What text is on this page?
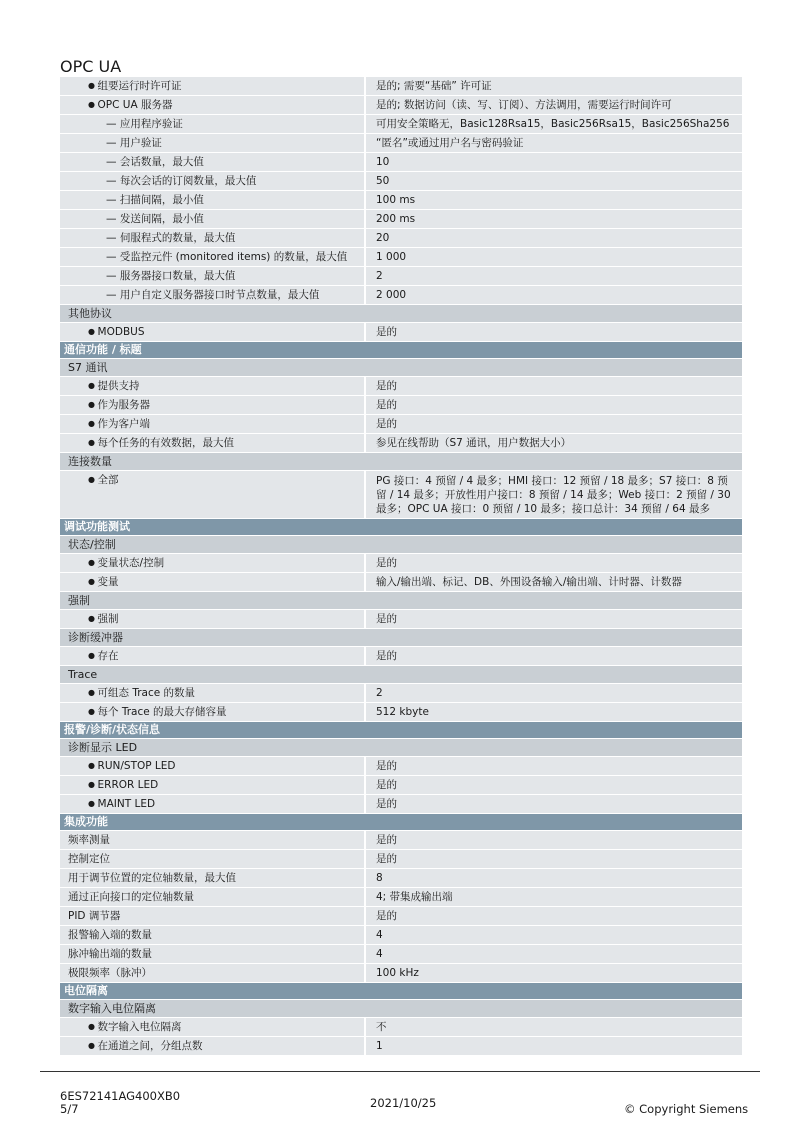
OPC UA
● 组要运行时许可证	是的; 需要“基础” 许可证
● OPC UA 服务器	是的; 数据访问（读、写、订阅）、方法调用，需要运行时间许可
— 应用程序验证	可用安全策略无，Basic128Rsa15，Basic256Rsa15，Basic256Sha256
— 用户验证	“匿名”或通过用户名与密码验证
— 会话数量，最大值	10
— 每次会话的订阅数量，最大值	50
— 扫描间隔，最小值	100 ms
— 发送间隔，最小值	200 ms
— 伺服程式的数量，最大值	20
— 受监控元件 (monitored items) 的数量，最大值	1 000
— 服务器接口数量，最大值	2
— 用户自定义服务器接口时节点数量，最大值	2 000
其他协议
● MODBUS	是的
通信功能 / 标题
S7 通讯
● 提供支持	是的
● 作为服务器	是的
● 作为客户端	是的
● 每个任务的有效数据，最大值	参见在线帮助（S7 通讯，用户数据大小）
连接数量
● 全部	PG 接口：4 预留 / 4 最多；HMI 接口：12 预留 / 18 最多；S7 接口：8 预留 / 14 最多；开放性用户接口：8 预留 / 14 最多；Web 接口：2 预留 / 30 最多；OPC UA 接口：0 预留 / 10 最多；接口总计：34 预留 / 64 最多
调试功能测试
状态/控制
● 变量状态/控制	是的
● 变量	输入/输出端、标记、DB、外围设备输入/输出端、计时器、计数器
强制
● 强制	是的
诊断缓冲器
● 存在	是的
Trace
● 可组态 Trace 的数量	2
● 每个 Trace 的最大存储容量	512 kbyte
报警/诊断/状态信息
诊断显示 LED
● RUN/STOP LED	是的
● ERROR LED	是的
● MAINT LED	是的
集成功能
频率测量	是的
控制定位	是的
用于调节位置的定位轴数量，最大值	8
通过正向接口的定位轴数量	4; 带集成输出端
PID 调节器	是的
报警输入端的数量	4
脉冲输出端的数量	4
极限频率（脉冲）	100 kHz
电位隔离
数字输入电位隔离
● 数字输入电位隔离	不
● 在通道之间，分组点数	1
6ES72141AG400XB0
5/7	2021/10/25	© Copyright Siemens
